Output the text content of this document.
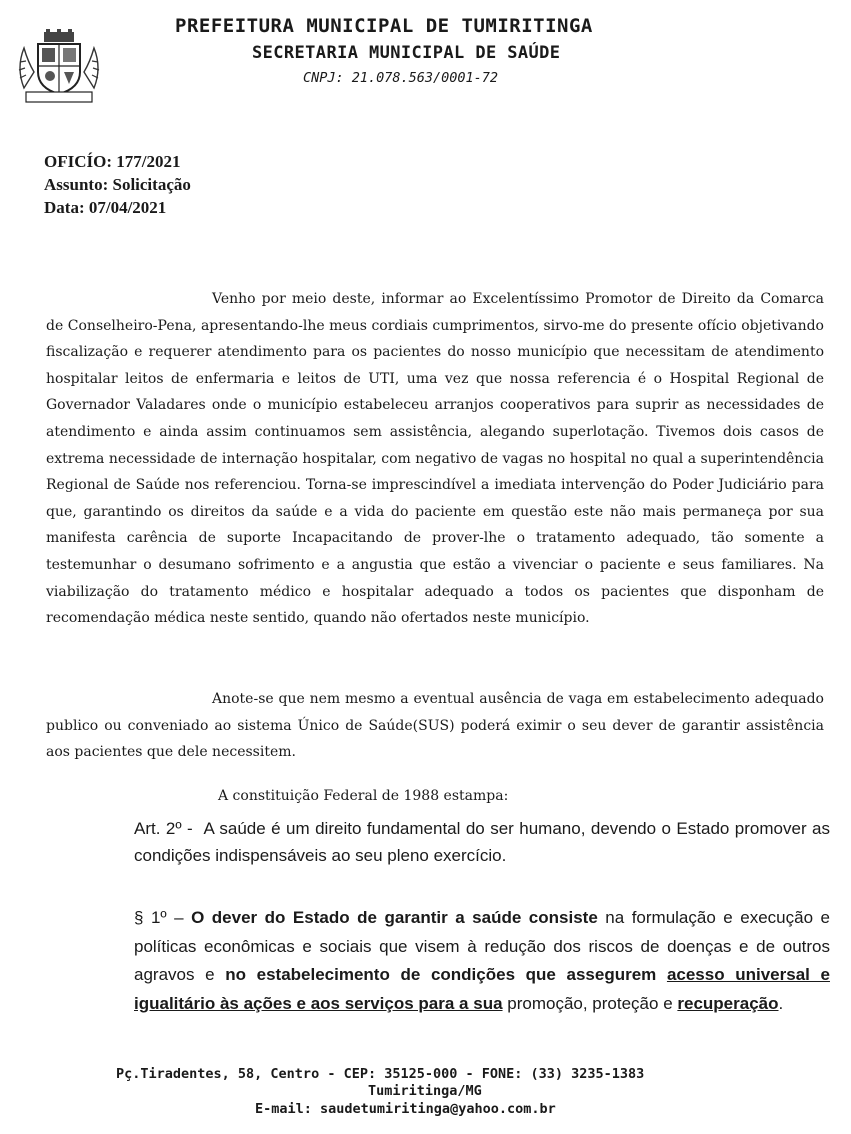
PREFEITURA MUNICIPAL DE TUMIRITINGA
SECRETARIA MUNICIPAL DE SAÚDE
CNPJ: 21.078.563/0001-72
OFICÍO: 177/2021
Assunto: Solicitação
Data: 07/04/2021

Venho por meio deste, informar ao Excelentíssimo Promotor de Direito da Comarca de Conselheiro-Pena, apresentando-lhe meus cordiais cumprimentos, sirvo-me do presente ofício objetivando fiscalização e requerer atendimento para os pacientes do nosso município que necessitam de atendimento hospitalar leitos de enfermaria e leitos de UTI, uma vez que nossa referencia é o Hospital Regional de Governador Valadares onde o município estabeleceu arranjos cooperativos para suprir as necessidades de atendimento e ainda assim continuamos sem assistência, alegando superlotação. Tivemos dois casos de extrema necessidade de internação hospitalar, com negativo de vagas no hospital no qual a superintendência Regional de Saúde nos referenciou. Torna-se imprescindível a imediata intervenção do Poder Judiciário para que, garantindo os direitos da saúde e a vida do paciente em questão este não mais permaneça por sua manifesta carência de suporte Incapacitando de prover-lhe o tratamento adequado, tão somente a testemunhar o desumano sofrimento e a angustia que estão a vivenciar o paciente e seus familiares. Na viabilização do tratamento médico e hospitalar adequado a todos os pacientes que disponham de recomendação médica neste sentido, quando não ofertados neste município.

Anote-se que nem mesmo a eventual ausência de vaga em estabelecimento adequado publico ou conveniado ao sistema Único de Saúde(SUS) poderá eximir o seu dever de garantir assistência aos pacientes que dele necessitem.

A constituição Federal de 1988 estampa:
Art. 2º - A saúde é um direito fundamental do ser humano, devendo o Estado promover as condições indispensáveis ao seu pleno exercício.
§ 1º – O dever do Estado de garantir a saúde consiste na formulação e execução e políticas econômicas e sociais que visem à redução dos riscos de doenças e de outros agravos e no estabelecimento de condições que assegurem acesso universal e igualitário às ações e aos serviços para a sua promoção, proteção e recuperação.
Pç.Tiradentes, 58, Centro - CEP: 35125-000 - FONE: (33) 3235-1383
Tumiritinga/MG
E-mail: saudetumiritinga@yahoo.com.br
